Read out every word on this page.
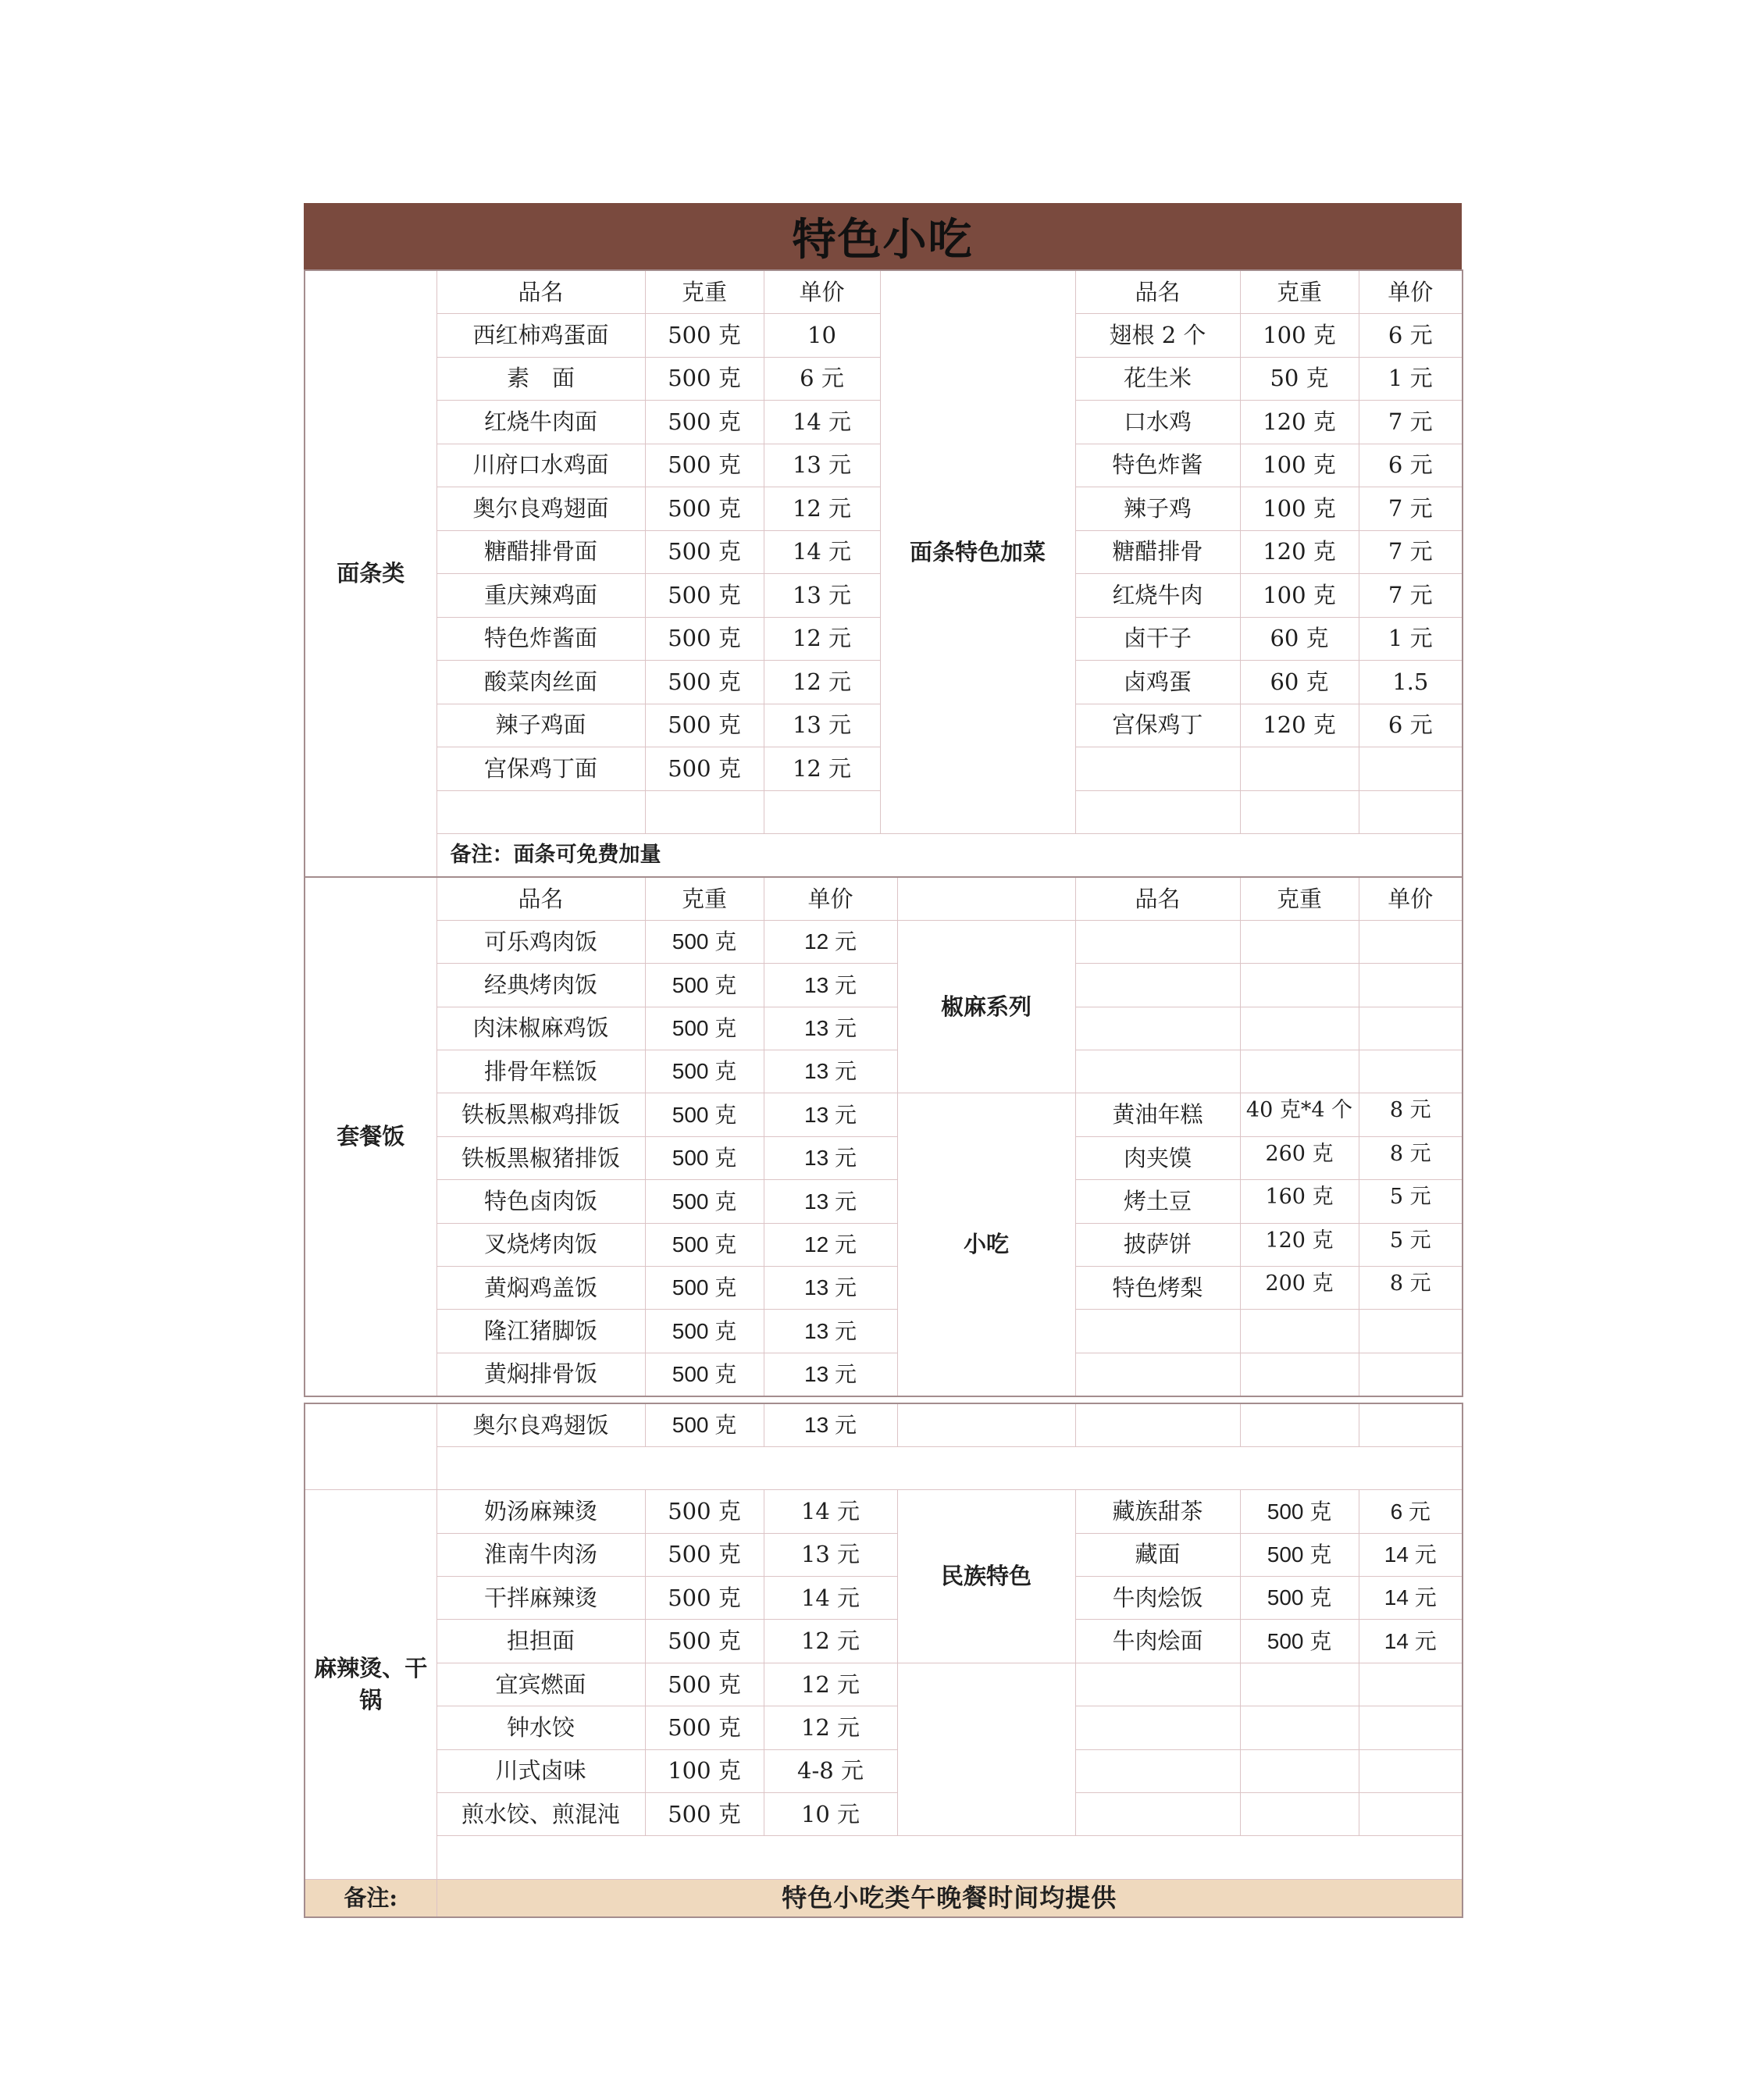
特色小吃
面条类	品名	克重	单价	面条特色加菜	品名	克重	单价
	西红柿鸡蛋面	500 克	10		翅根 2 个	100 克	6 元
	素　面	500 克	6 元		花生米	50 克	1 元
	红烧牛肉面	500 克	14 元		口水鸡	120 克	7 元
	川府口水鸡面	500 克	13 元		特色炸酱	100 克	6 元
	奥尔良鸡翅面	500 克	12 元		辣子鸡	100 克	7 元
	糖醋排骨面	500 克	14 元		糖醋排骨	120 克	7 元
	重庆辣鸡面	500 克	13 元		红烧牛肉	100 克	7 元
	特色炸酱面	500 克	12 元		卤干子	60 克	1 元
	酸菜肉丝面	500 克	12 元		卤鸡蛋	60 克	1.5
	辣子鸡面	500 克	13 元		宫保鸡丁	120 克	6 元
	宫保鸡丁面	500 克	12 元				

	备注：面条可免费加量						
套餐饭	品名	克重	单价		品名	克重	单价
	可乐鸡肉饭	500 克	12 元	椒麻系列			
	经典烤肉饭	500 克	13 元				
	肉沫椒麻鸡饭	500 克	13 元				
	排骨年糕饭	500 克	13 元				
	铁板黑椒鸡排饭	500 克	13 元	小吃	黄油年糕	40 克*4 个	8 元
	铁板黑椒猪排饭	500 克	13 元		肉夹馍	260 克	8 元
	特色卤肉饭	500 克	13 元		烤土豆	160 克	5 元
	叉烧烤肉饭	500 克	12 元		披萨饼	120 克	5 元
	黄焖鸡盖饭	500 克	13 元		特色烤梨	200 克	8 元
	隆江猪脚饭	500 克	13 元				
	黄焖排骨饭	500 克	13 元				
	奥尔良鸡翅饭	500 克	13 元				

麻辣烫、干锅	奶汤麻辣烫	500 克	14 元	民族特色	藏族甜茶	500 克	6 元
	淮南牛肉汤	500 克	13 元		藏面	500 克	14 元
	干拌麻辣烫	500 克	14 元		牛肉烩饭	500 克	14 元
	担担面	500 克	12 元		牛肉烩面	500 克	14 元
	宜宾燃面	500 克	12 元				
	钟水饺	500 克	12 元				
	川式卤味	100 克	4-8 元				
	煎水饺、煎混沌	500 克	10 元				

备注:	特色小吃类午晚餐时间均提供						
